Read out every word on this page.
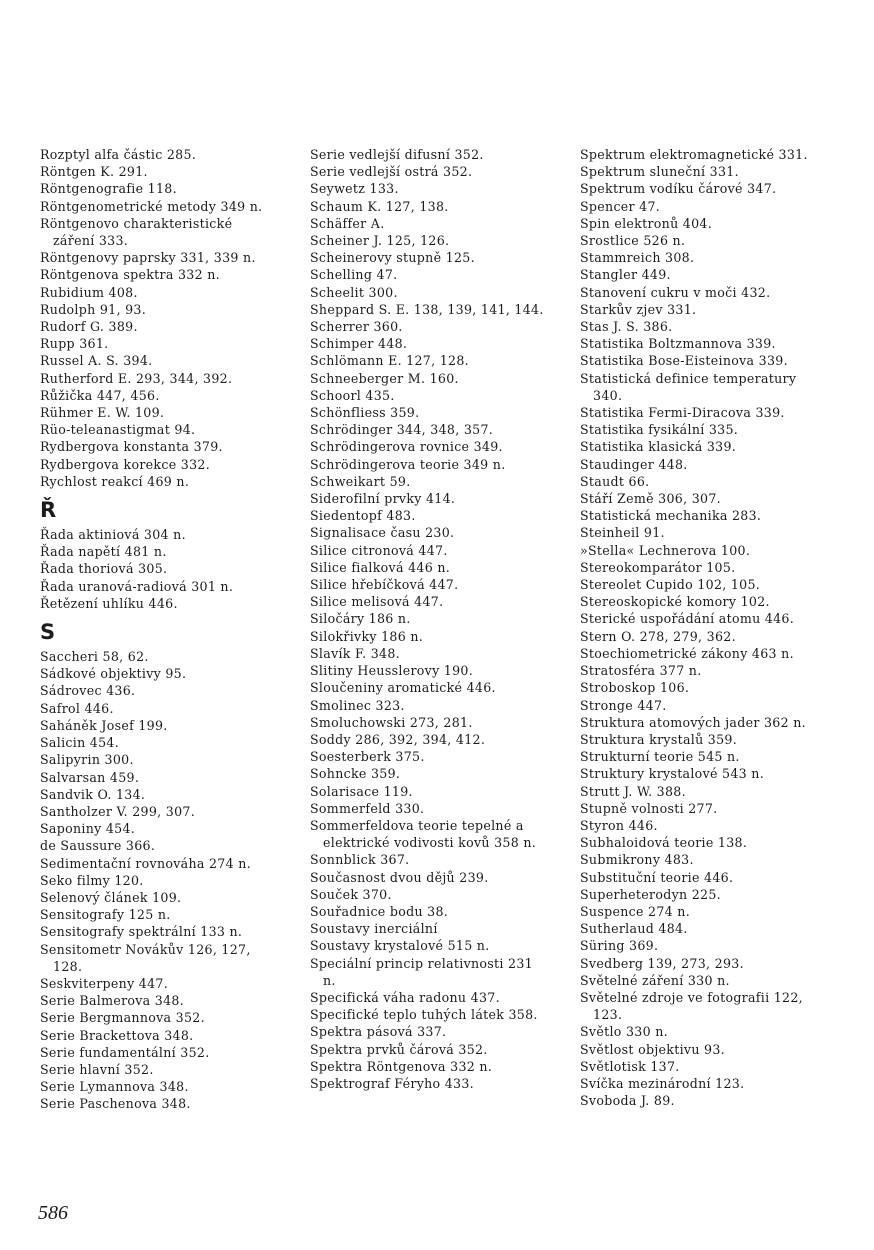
Rozptyl alfa částic 285.
Röntgen K. 291.
Röntgenografie 118.
Röntgenometrické metody 349 n.
Röntgenovo charakteristické záření 333.
Röntgenovy paprsky 331, 339 n.
Röntgenova spektra 332 n.
Rubidium 408.
Rudolph 91, 93.
Rudorf G. 389.
Rupp 361.
Russel A. S. 394.
Rutherford E. 293, 344, 392.
Růžička 447, 456.
Rühmer E. W. 109.
Rüo-teleanastigmat 94.
Rydbergova konstanta 379.
Rydbergova korekce 332.
Rychlost reakcí 469 n.
Ř
Řada aktiniová 304 n.
Řada napětí 481 n.
Řada thoriová 305.
Řada uranová-radiová 301 n.
Řetězení uhlíku 446.
S
Saccheri 58, 62.
Sádkové objektivy 95.
Sádrovec 436.
Safrol 446.
Saháněk Josef 199.
Salicin 454.
Salipyrin 300.
Salvarsan 459.
Sandvik O. 134.
Santholzer V. 299, 307.
Saponiny 454.
de Saussure 366.
Sedimentační rovnováha 274 n.
Seko filmy 120.
Selenový článek 109.
Sensitografy 125 n.
Sensitografy spektrální 133 n.
Sensitometr Novákův 126, 127, 128.
Seskviterpeny 447.
Serie Balmerova 348.
Serie Bergmannova 352.
Serie Brackettova 348.
Serie fundamentální 352.
Serie hlavní 352.
Serie Lymannova 348.
Serie Paschenova 348.
Serie vedlejší difusní 352.
Serie vedlejší ostrá 352.
Seywetz 133.
Schaum K. 127, 138.
Schäffer A.
Scheiner J. 125, 126.
Scheinerovy stupně 125.
Schelling 47.
Scheelit 300.
Sheppard S. E. 138, 139, 141, 144.
Scherrer 360.
Schimper 448.
Schlömann E. 127, 128.
Schneeberger M. 160.
Schoorl 435.
Schönfliess 359.
Schrödinger 344, 348, 357.
Schrödingerova rovnice 349.
Schrödingerova teorie 349 n.
Schweikart 59.
Siderofilní prvky 414.
Siedentopf 483.
Signalisace času 230.
Silice citronová 447.
Silice fialková 446 n.
Silice hřebíčková 447.
Silice melisová 447.
Siločáry 186 n.
Silokřivky 186 n.
Slavík F. 348.
Slitiny Heusslerovy 190.
Sloučeniny aromatické 446.
Smolinec 323.
Smoluchowski 273, 281.
Soddy 286, 392, 394, 412.
Soesterberk 375.
Sohncke 359.
Solarisace 119.
Sommerfeld 330.
Sommerfeldova teorie tepelné a elektrické vodivosti kovů 358 n.
Sonnblick 367.
Současnost dvou dějů 239.
Souček 370.
Souřadnice bodu 38.
Soustavy inerciální
Soustavy krystalové 515 n.
Speciální princip relativnosti 231 n.
Specifická váha radonu 437.
Specifické teplo tuhých látek 358.
Spektra pásová 337.
Spektra prvků čárová 352.
Spektra Röntgenova 332 n.
Spektrograf Féryho 433.
Spektrum elektromagnetické 331.
Spektrum sluneční 331.
Spektrum vodíku čárové 347.
Spencer 47.
Spin elektronů 404.
Srostlice 526 n.
Stammreich 308.
Stangler 449.
Stanovení cukru v moči 432.
Starkův zjev 331.
Stas J. S. 386.
Statistika Boltzmannova 339.
Statistika Bose-Eisteinova 339.
Statistická definice temperatury 340.
Statistika Fermi-Diracova 339.
Statistika fysikální 335.
Statistika klasická 339.
Staudinger 448.
Staudt 66.
Stáří Země 306, 307.
Statistická mechanika 283.
Steinheil 91.
»Stella« Lechnerova 100.
Stereokomparátor 105.
Stereolet Cupido 102, 105.
Stereoskopické komory 102.
Sterické uspořádání atomu 446.
Stern O. 278, 279, 362.
Stoechiometrické zákony 463 n.
Stratosféra 377 n.
Stroboskop 106.
Stronge 447.
Struktura atomových jader 362 n.
Struktura krystalů 359.
Strukturní teorie 545 n.
Struktury krystalové 543 n.
Strutt J. W. 388.
Stupně volnosti 277.
Styron 446.
Subhaloidová teorie 138.
Submikrony 483.
Substituční teorie 446.
Superheterodyn 225.
Suspence 274 n.
Sutherlaud 484.
Süring 369.
Svedberg 139, 273, 293.
Světelné záření 330 n.
Světelné zdroje ve fotografii 122, 123.
Světlo 330 n.
Světlost objektivu 93.
Světlotisk 137.
Svíčka mezinárodní 123.
Svoboda J. 89.
586
